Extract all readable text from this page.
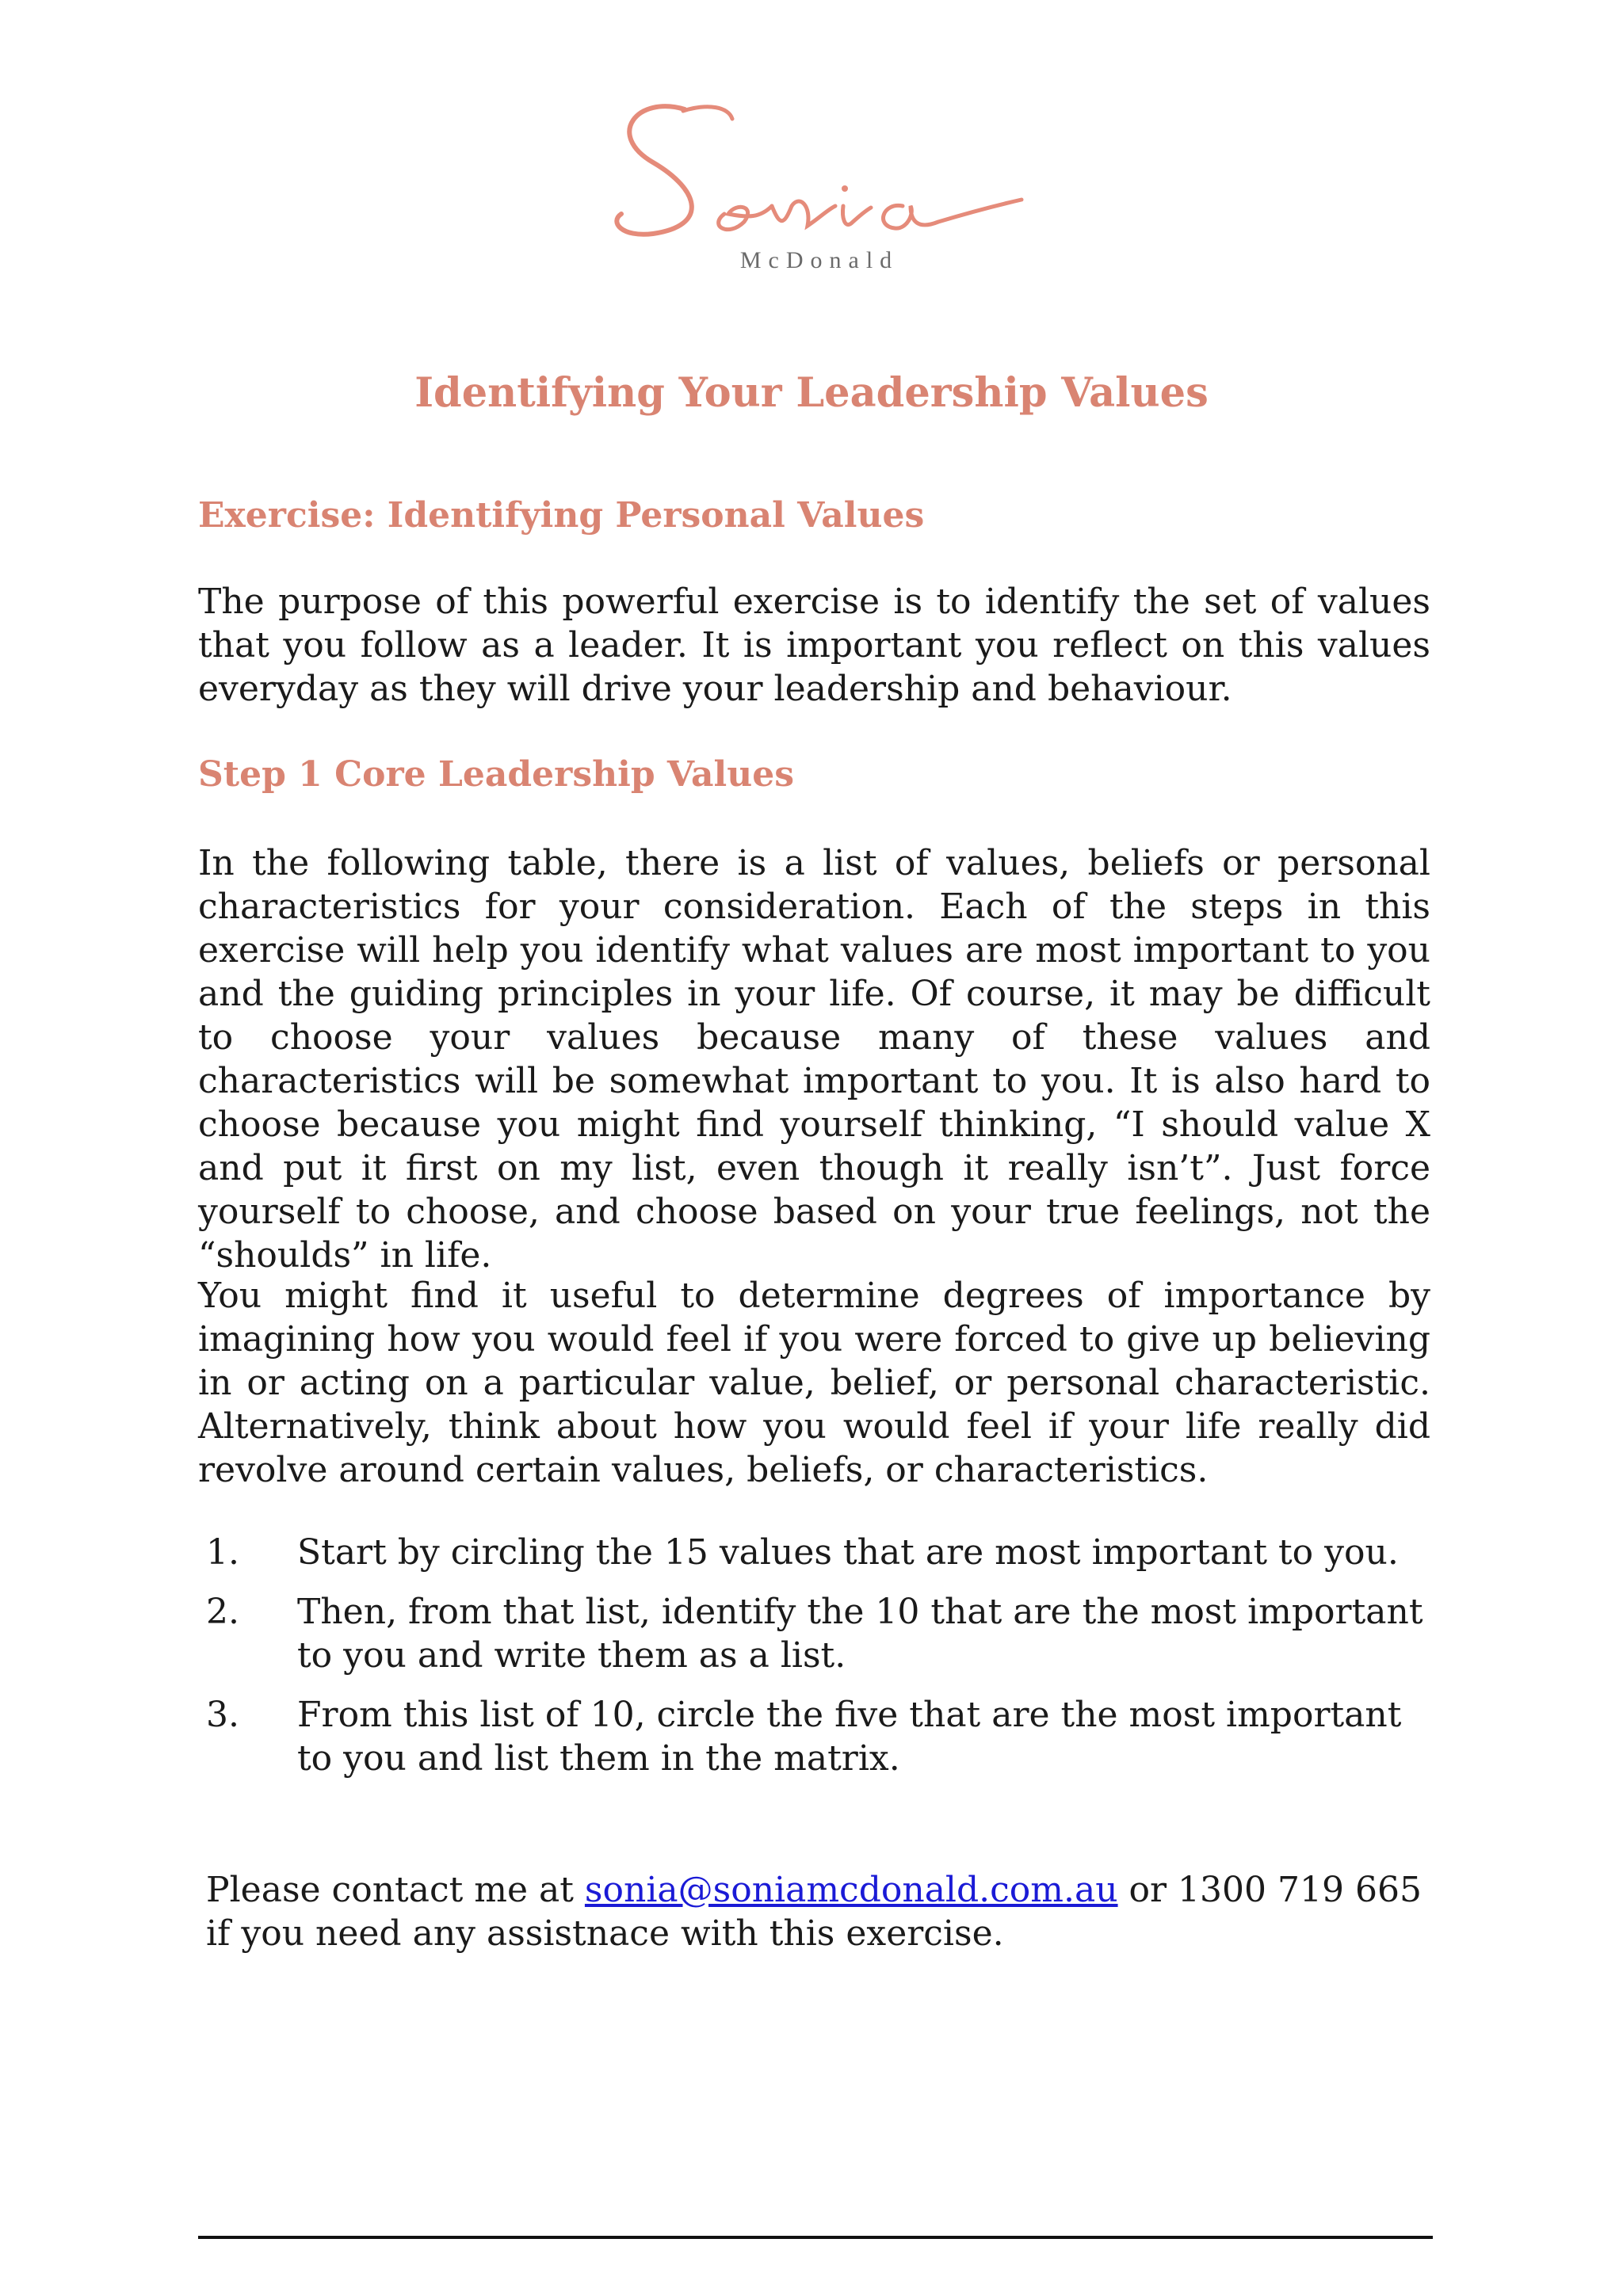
McDonald
Identifying Your Leadership Values
Exercise: Identifying Personal Values

The purpose of this powerful exercise is to identify the set of values that you follow as a leader. It is important you reflect on this values everyday as they will drive your leadership and behaviour.

Step 1 Core Leadership Values

In the following table, there is a list of values, beliefs or personal characteristics for your consideration. Each of the steps in this exercise will help you identify what values are most important to you and the guiding principles in your life. Of course, it may be difficult to choose your values because many of these values and characteristics will be somewhat important to you. It is also hard to choose because you might find yourself thinking, “I should value X and put it first on my list, even though it really isn’t”. Just force yourself to choose, and choose based on your true feelings, not the “shoulds” in life.

You might find it useful to determine degrees of importance by imagining how you would feel if you were forced to give up believing in or acting on a particular value, belief, or personal characteristic. Alternatively, think about how you would feel if your life really did revolve around certain values, beliefs, or characteristics.

1. Start by circling the 15 values that are most important to you.
2. Then, from that list, identify the 10 that are the most important to you and write them as a list.
3. From this list of 10, circle the five that are the most important to you and list them in the matrix.

Please contact me at sonia@soniamcdonald.com.au or 1300 719 665 if you need any assistnace with this exercise.
